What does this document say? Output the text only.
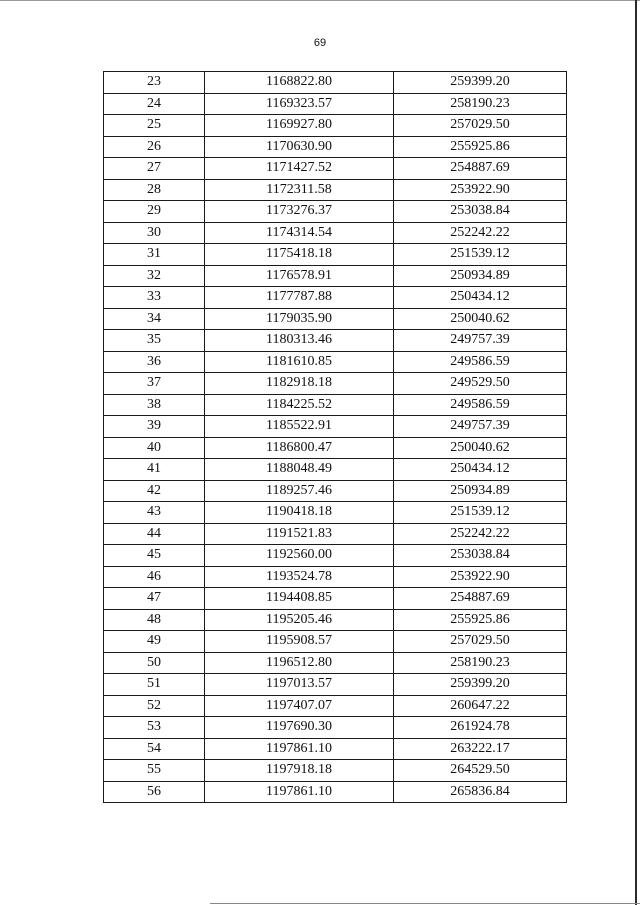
69
23	1168822.80	259399.20
24	1169323.57	258190.23
25	1169927.80	257029.50
26	1170630.90	255925.86
27	1171427.52	254887.69
28	1172311.58	253922.90
29	1173276.37	253038.84
30	1174314.54	252242.22
31	1175418.18	251539.12
32	1176578.91	250934.89
33	1177787.88	250434.12
34	1179035.90	250040.62
35	1180313.46	249757.39
36	1181610.85	249586.59
37	1182918.18	249529.50
38	1184225.52	249586.59
39	1185522.91	249757.39
40	1186800.47	250040.62
41	1188048.49	250434.12
42	1189257.46	250934.89
43	1190418.18	251539.12
44	1191521.83	252242.22
45	1192560.00	253038.84
46	1193524.78	253922.90
47	1194408.85	254887.69
48	1195205.46	255925.86
49	1195908.57	257029.50
50	1196512.80	258190.23
51	1197013.57	259399.20
52	1197407.07	260647.22
53	1197690.30	261924.78
54	1197861.10	263222.17
55	1197918.18	264529.50
56	1197861.10	265836.84
